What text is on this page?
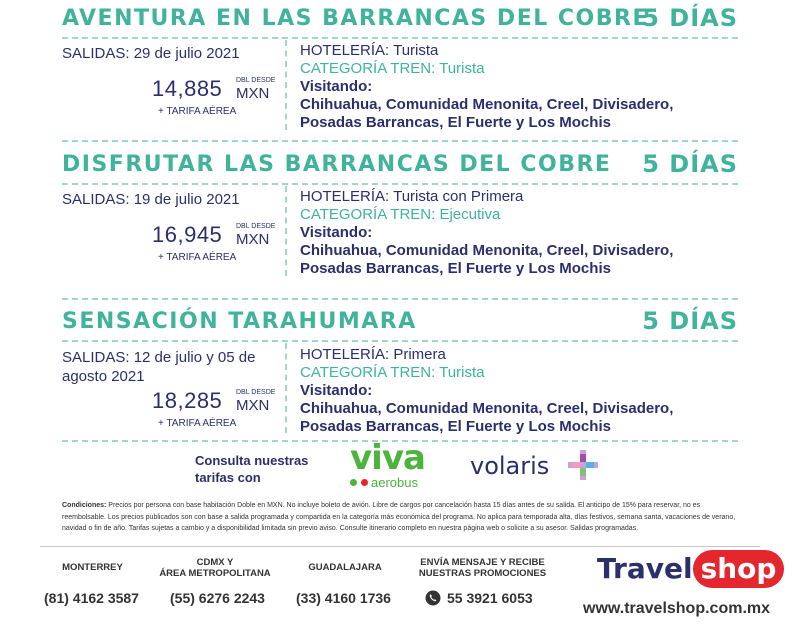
AVENTURA EN LAS BARRANCAS DEL COBRE
5 DÍAS
SALIDAS: 29 de julio 2021
14,885 DBL DESDE
MXN
+ TARIFA AÉREA
HOTELERÍA: Turista
CATEGORÍA TREN: Turista
Visitando:
Chihuahua, Comunidad Menonita, Creel, Divisadero,
Posadas Barrancas, El Fuerte y Los Mochis
DISFRUTAR LAS BARRANCAS DEL COBRE 5 DÍAS
SALIDAS: 19 de julio 2021
16,945 DBL DESDE
MXN
+ TARIFA AÉREA
HOTELERÍA: Turista con Primera
CATEGORÍA TREN: Ejecutiva
Visitando:
Chihuahua, Comunidad Menonita, Creel, Divisadero,
Posadas Barrancas, El Fuerte y Los Mochis
SENSACIÓN TARAHUMARA	5 DÍAS
SALIDAS: 12 de julio y 05 de agosto 2021
18,285 DBL DESDE
MXN
+ TARIFA AÉREA
HOTELERÍA: Primera
CATEGORÍA TREN: Turista
Visitando:
Chihuahua, Comunidad Menonita, Creel, Divisadero,
Posadas Barrancas, El Fuerte y Los Mochis
Consulta nuestras
tarifas con	viva
aerobus
volaris
Condiciones: Precios por persona con base habitación Doble en MXN. No incluye boleto de avión. Libre de cargos por cancelación hasta 15 días antes de su salida. El anticipo de 15% para reservar, no es reembolsable. Los precios publicados son con base a salida programada y compartida en la categoría más económica del programa. No aplica para temporada alta, días festivos, semana santa, vacaciones de verano, navidad o fin de año. Tarifas sujetas a cambio y a disponibilidad limitada sin previo aviso. Consulte itinerario completo en nuestra página web o solicite a su asesor. Salidas programadas.
MONTERREY
(81) 4162 3587
CDMX Y
ÁREA METROPOLITANA
(55) 6276 2243
GUADALAJARA
(33) 4160 1736
ENVÍA MENSAJE Y RECIBE
NUESTRAS PROMOCIONES
55 3921 6053
Travel shop
www.travelshop.com.mx
